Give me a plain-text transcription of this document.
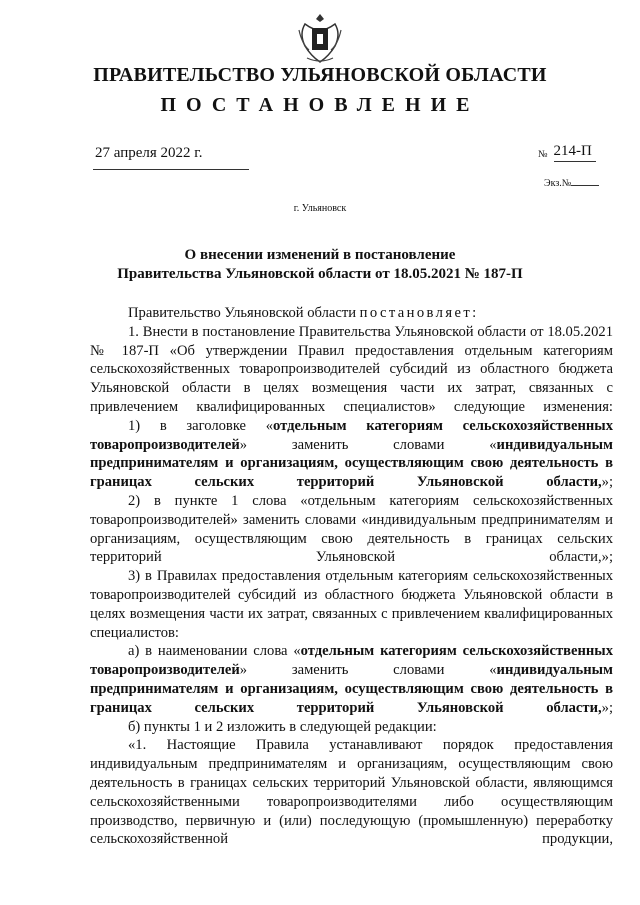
ПРАВИТЕЛЬСТВО УЛЬЯНОВСКОЙ ОБЛАСТИ
ПОСТАНОВЛЕНИЕ
27 апреля 2022 г.	№ 214-П
Экз.№
г. Ульяновск
О внесении изменений в постановление
Правительства Ульяновской области от 18.05.2021 № 187-П

Правительство Ульяновской области постановляет:

1. Внести в постановление Правительства Ульяновской области от 18.05.2021 № 187-П «Об утверждении Правил предоставления отдельным категориям сельскохозяйственных товаропроизводителей субсидий из областного бюджета Ульяновской области в целях возмещения части их затрат, связанных с привлечением квалифицированных специалистов» следующие изменения:

1) в заголовке «отдельным категориям сельскохозяйственных товаропроизводителей» заменить словами «индивидуальным предпринимателям и организациям, осуществляющим свою деятельность в границах сельских территорий Ульяновской области,»;

2) в пункте 1 слова «отдельным категориям сельскохозяйственных товаропроизводителей» заменить словами «индивидуальным предпринимателям и организациям, осуществляющим свою деятельность в границах сельских территорий Ульяновской области,»;

3) в Правилах предоставления отдельным категориям сельскохозяйственных товаропроизводителей субсидий из областного бюджета Ульяновской области в целях возмещения части их затрат, связанных с привлечением квалифицированных специалистов:

а) в наименовании слова «отдельным категориям сельскохозяйственных товаропроизводителей» заменить словами «индивидуальным предпринимателям и организациям, осуществляющим свою деятельность в границах сельских территорий Ульяновской области,»;

б) пункты 1 и 2 изложить в следующей редакции:

«1. Настоящие Правила устанавливают порядок предоставления индивидуальным предпринимателям и организациям, осуществляющим свою деятельность в границах сельских территорий Ульяновской области, являющимся сельскохозяйственными товаропроизводителями либо осуществляющим производство, первичную и (или) последующую (промышленную) переработку сельскохозяйственной продукции,
